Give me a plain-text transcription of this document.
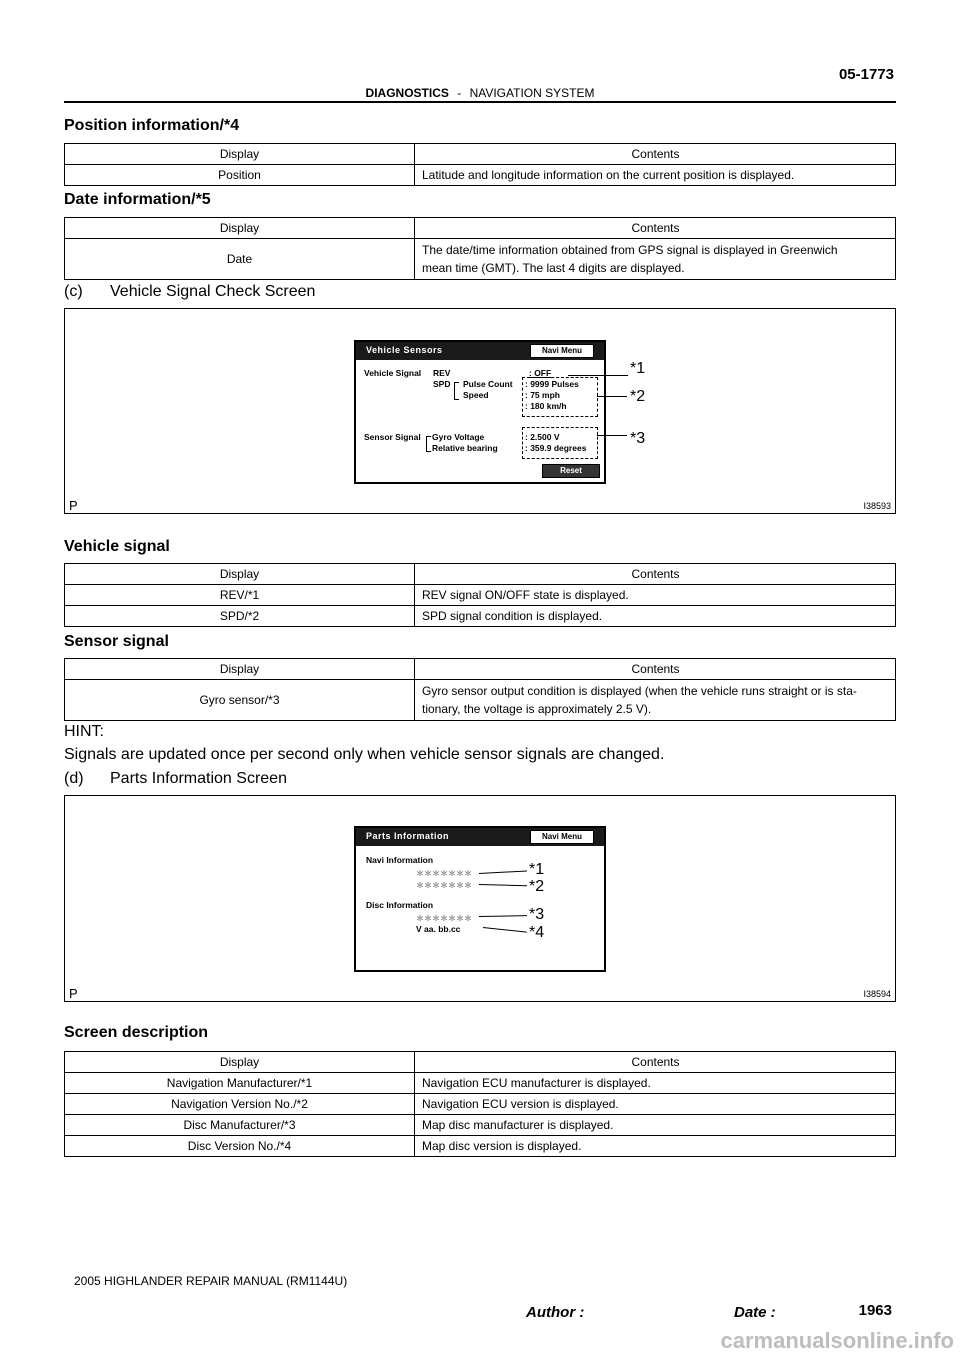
05-1773
DIAGNOSTICS - NAVIGATION SYSTEM
Position information/*4
Display	Contents
Position	Latitude and longitude information on the current position is displayed.
Date information/*5
Display	Contents
Date	The date/time information obtained from GPS signal is displayed in Greenwich mean time (GMT). The last 4 digits are displayed.
(c) Vehicle Signal Check Screen
Vehicle Sensors	Navi Menu
Vehicle Signal REV
SPD Pulse Count
Speed
: OFF
: 9999 Pulses
: 75 mph
: 180 km/h
Sensor Signal Gyro Voltage
Relative bearing
: 2.500 V
: 359.9 degrees
Reset
*1
*2
*3
P	I38593
Vehicle signal
Display	Contents
REV/*1	REV signal ON/OFF state is displayed.
SPD/*2	SPD signal condition is displayed.
Sensor signal
Display	Contents
Gyro sensor/*3	Gyro sensor output condition is displayed (when the vehicle runs straight or is sta- tionary, the voltage is approximately 2.5 V).
HINT:
Signals are updated once per second only when vehicle sensor signals are changed.
(d) Parts Information Screen
Parts Information	Navi Menu
Navi Information
＊＊＊＊＊＊＊
＊＊＊＊＊＊＊
Disc Information
＊＊＊＊＊＊＊
V aa. bb.cc
*1
*2
*3
*4
P	I38594
Screen description
Display	Contents
Navigation Manufacturer/*1	Navigation ECU manufacturer is displayed.
Navigation Version No./*2	Navigation ECU version is displayed.
Disc Manufacturer/*3	Map disc manufacturer is displayed.
Disc Version No./*4	Map disc version is displayed.
2005 HIGHLANDER REPAIR MANUAL (RM1144U)
Author :	Date :	1963
carmanualsonline.info
